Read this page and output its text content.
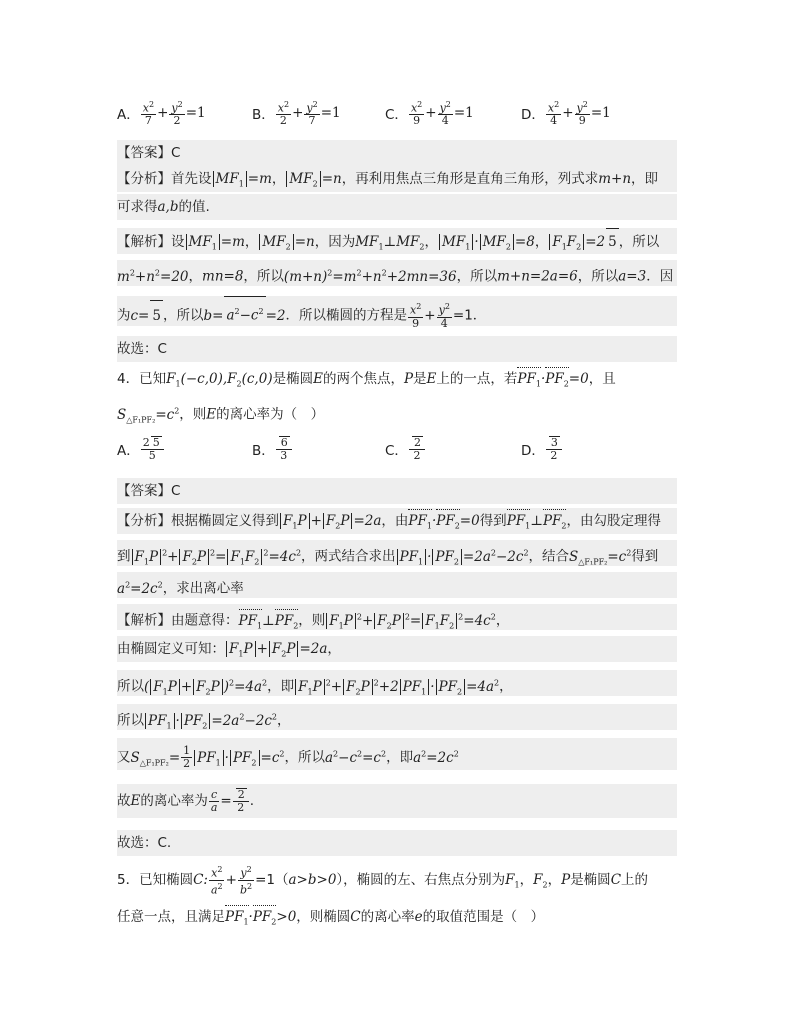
A． $\frac{x^2}{7} + \frac{y^2}{2} =1$	B． $\frac{x^2}{2} + \frac{y^2}{7} =1$	C． $\frac{x^2}{9} + \frac{y^2}{4} =1$	D． $\frac{x^2}{4} + \frac{y^2}{9} =1$
【答案】C
【分析】首先设 $MF_1 =m$， $MF_2 =n$，再利用焦点三角形是直角三角形，列式求m+n，即
可求得a,b的值.
【解析】设 $MF_1 =m$， $MF_2 =n$，因为$MF_1\perp MF_2$， $MF_1 \cdot MF_2 =8$， $F_1F_2 =2$ 5 ，所以
$m^2+n^2=20$，mn=8，所以$(m+n)^2=m^2+n^2+2mn=36$，所以m+n=2a=6，所以a=3．因
为c= 5 ，所以$b= a^2-c^2 =2$．所以椭圆的方程是 $\frac{x^2}{9} + \frac{y^2}{4} =1$．
故选：C
4．已知$F_1(-c,0),F_2(c,0)$是椭圆E的两个焦点，P是E上的一点，若$PF_1\cdot PF_2=0$，且
$S_{\triangle F_1PF_2}=c^2$，则E的离心率为（　）
A． $\frac{2 5}{5}$	B． $\frac{6}{3}$	C． $\frac{2}{2}$	D． $\frac{3}{2}$
【答案】C
【分析】根据椭圆定义得到 $F_1P + F_2P =2a$，由$PF_1\cdot PF_2=0$得到$PF_1\perp PF_2$，由勾股定理得
到 $F_1P$ $^2+ F_2P$ $^2= F_1F_2^2=4c^2$，两式结合求出 $PF_1 \cdot PF_2 =2a^2-2c^2$，结合$S_{\triangle F_1PF_2}=c^2$得到
$a^2=2c^2$，求出离心率
【解析】由题意得：$PF_1\perp PF_2$，则 $F_1P$ $^2+ F_2P$ $^2= F_1F_2^2=4c^2$，
由椭圆定义可知： $F_1P + F_2P =2a$，
所以( $F_1P + F_2P$ )$^2=4a^2$，即 $F_1P$ $^2+ F_2P$ $^2$+2 $PF_1 \cdot PF_2 =4a^2$，
所以 $PF_1 \cdot PF_2 =2a^2-2c^2$，
又$S_{\triangle F_1PF_2}= \frac{1}{2} PF_1 \cdot PF_2 =c^2$，所以$a^2-c^2=c^2$，即$a^2=2c^2$
故E的离心率为 $\frac{c}{a} = \frac{2}{2}$ .
故选：C.
5．已知椭圆C: $\frac{x^2}{a^2} + \frac{y^2}{b^2} =1(a>b>0)$，椭圆的左、右焦点分别为$F_1$，$F_2$，P是椭圆C上的
任意一点，且满足$PF_1\cdot PF_2>0$，则椭圆C的离心率e的取值范围是（　）
